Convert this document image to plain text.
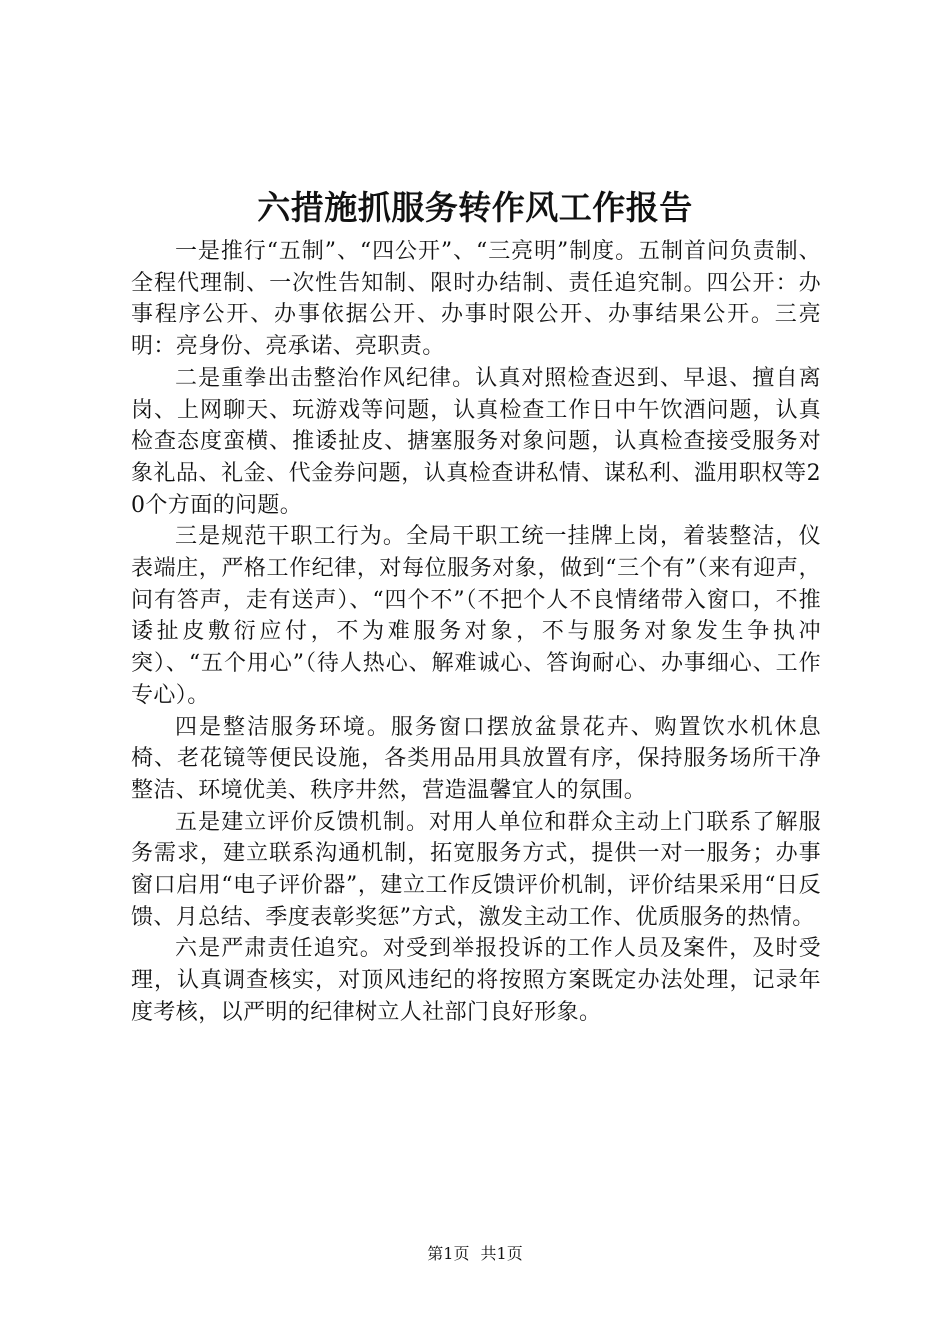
六措施抓服务转作风工作报告

一是推行“五制”、“四公开”、“三亮明”制度。五制首问负责制、全程代理制、一次性告知制、限时办结制、责任追究制。四公开：办事程序公开、办事依据公开、办事时限公开、办事结果公开。三亮明：亮身份、亮承诺、亮职责。

二是重拳出击整治作风纪律。认真对照检查迟到、早退、擅自离岗、上网聊天、玩游戏等问题，认真检查工作日中午饮酒问题，认真检查态度蛮横、推诿扯皮、搪塞服务对象问题，认真检查接受服务对象礼品、礼金、代金券问题，认真检查讲私情、谋私利、滥用职权等20个方面的问题。

三是规范干职工行为。全局干职工统一挂牌上岗，着装整洁，仪表端庄，严格工作纪律，对每位服务对象，做到“三个有”（来有迎声，问有答声，走有送声）、“四个不”（不把个人不良情绪带入窗口，不推诿扯皮敷衍应付，不为难服务对象，不与服务对象发生争执冲突）、“五个用心”（待人热心、解难诚心、答询耐心、办事细心、工作专心）。

四是整洁服务环境。服务窗口摆放盆景花卉、购置饮水机休息椅、老花镜等便民设施，各类用品用具放置有序，保持服务场所干净整洁、环境优美、秩序井然，营造温馨宜人的氛围。

五是建立评价反馈机制。对用人单位和群众主动上门联系了解服务需求，建立联系沟通机制，拓宽服务方式，提供一对一服务；办事窗口启用“电子评价器”，建立工作反馈评价机制，评价结果采用“日反馈、月总结、季度表彰奖惩”方式，激发主动工作、优质服务的热情。

六是严肃责任追究。对受到举报投诉的工作人员及案件，及时受理，认真调查核实，对顶风违纪的将按照方案既定办法处理，记录年度考核，以严明的纪律树立人社部门良好形象。

第1页 共1页
